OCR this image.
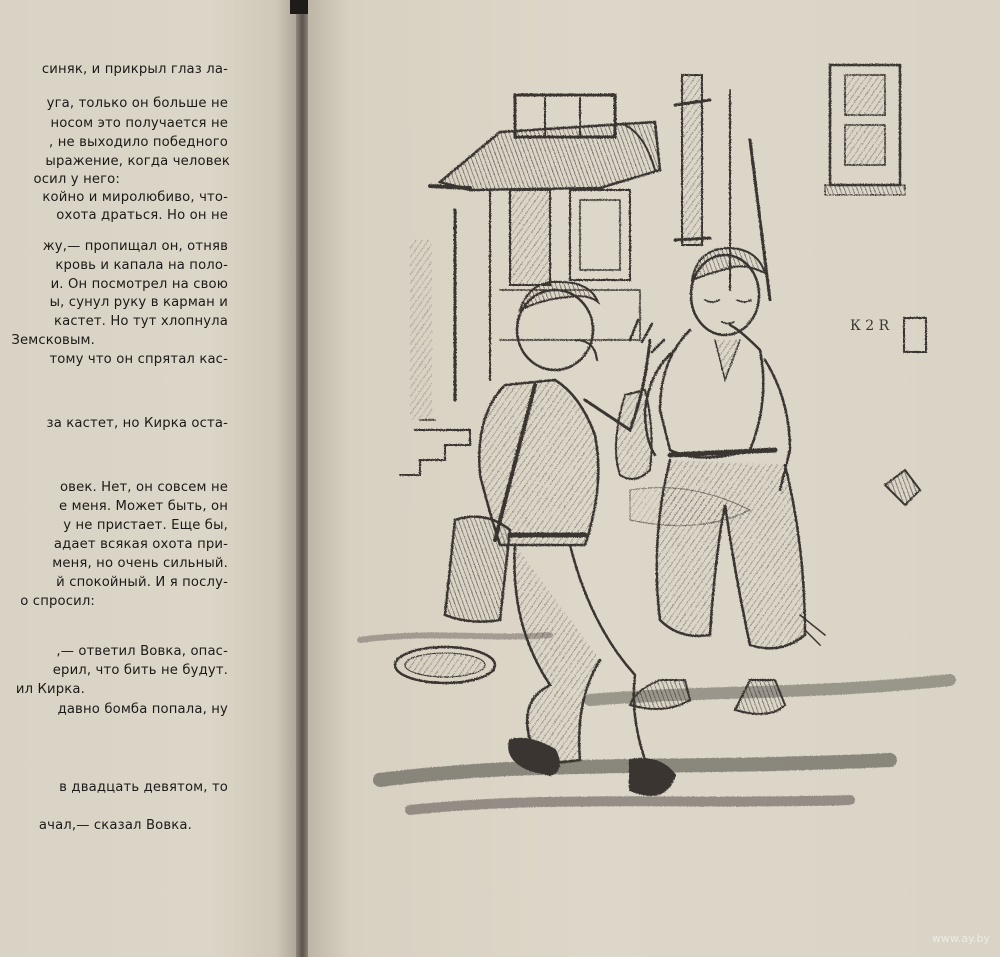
синяк, и прикрыл глаз ла-
уга, только он больше не
носом это получается не
, не выходило победного
ыражение, когда человек
осил у него:
койно и миролюбиво, что-
охота драться. Но он не
жу,— пропищал он, отняв
кровь и капала на поло-
и. Он посмотрел на свою
ы, сунул руку в карман и
кастет. Но тут хлопнула
Земсковым.
тому что он спрятал кас-
за кастет, но Кирка оста-
овек. Нет, он совсем не
е меня. Может быть, он
у не пристает. Еще бы,
адает всякая охота при-
меня, но очень сильный.
й спокойный. И я послу-
о спросил:
,— ответил Вовка, опас-
ерил, что бить не будут.
ил Кирка.
давно бомба попала, ну
в двадцать девятом, то
ачал,— сказал Вовка.
К 2 R
www.ay.by
